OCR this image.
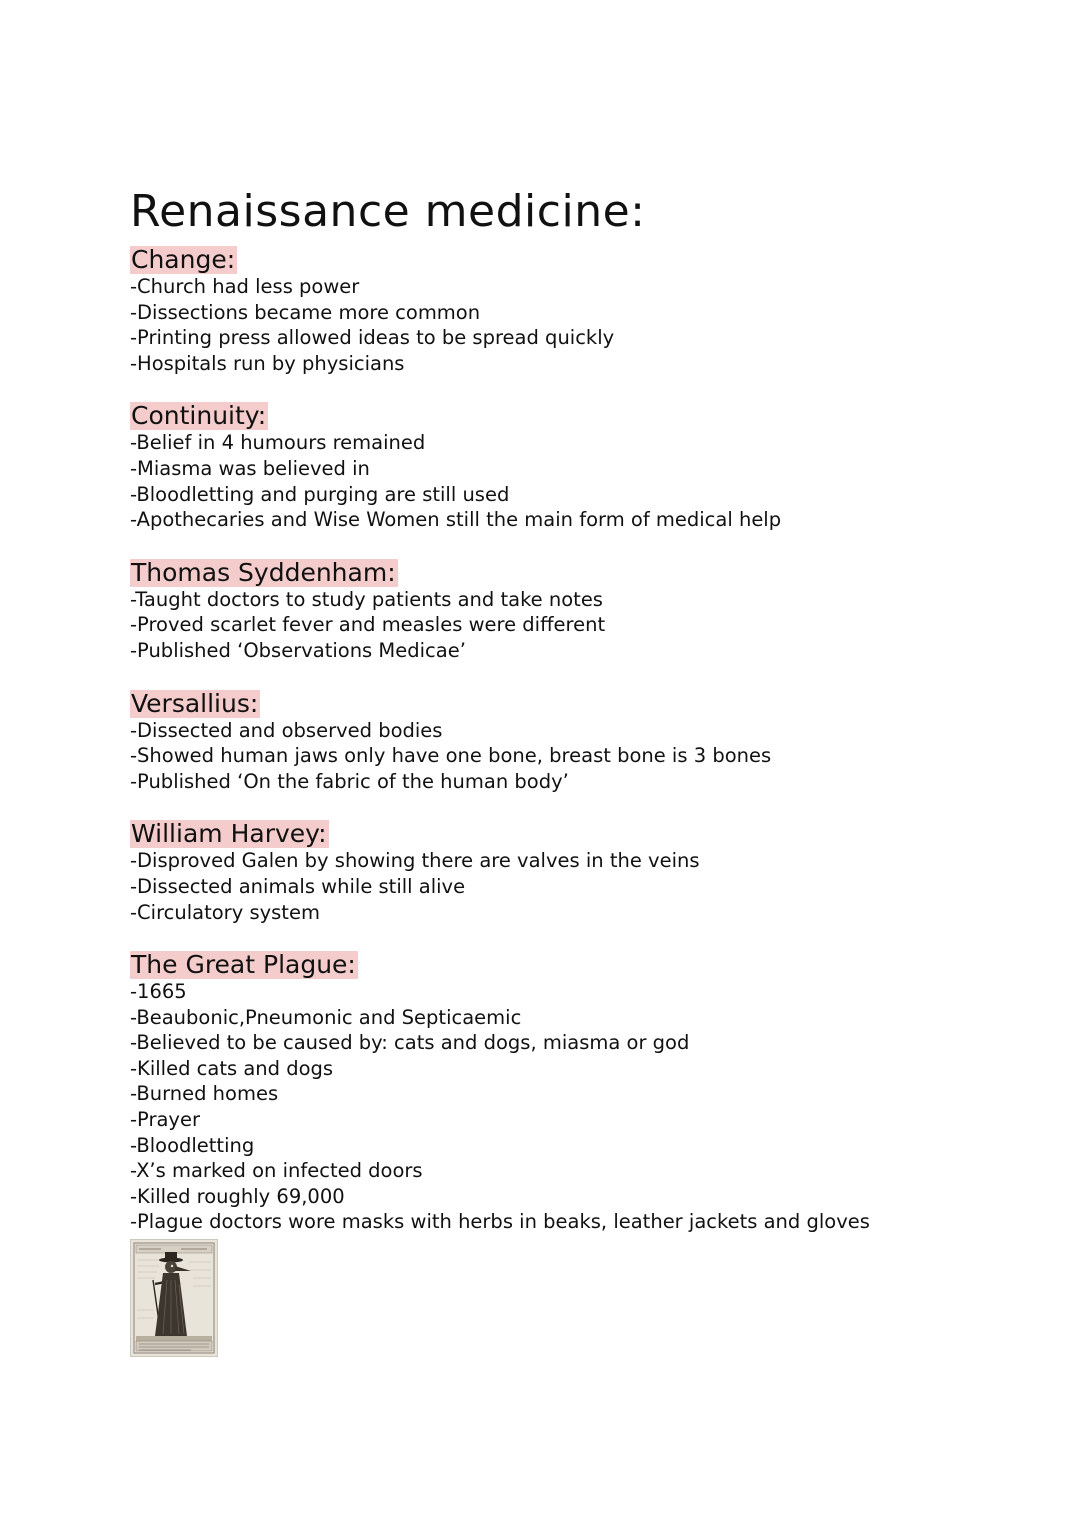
Renaissance medicine:
Change:
-Church had less power
-Dissections became more common
-Printing press allowed ideas to be spread quickly
-Hospitals run by physicians
Continuity:
-Belief in 4 humours remained
-Miasma was believed in
-Bloodletting and purging are still used
-Apothecaries and Wise Women still the main form of medical help
Thomas Syddenham:
-Taught doctors to study patients and take notes
-Proved scarlet fever and measles were different
-Published ‘Observations Medicae’
Versallius:
-Dissected and observed bodies
-Showed human jaws only have one bone, breast bone is 3 bones
-Published ‘On the fabric of the human body’
William Harvey:
-Disproved Galen by showing there are valves in the veins
-Dissected animals while still alive
-Circulatory system
The Great Plague:
-1665
-Beaubonic,Pneumonic and Septicaemic
-Believed to be caused by: cats and dogs, miasma or god
-Killed cats and dogs
-Burned homes
-Prayer
-Bloodletting
-X’s marked on infected doors
-Killed roughly 69,000
-Plague doctors wore masks with herbs in beaks, leather jackets and gloves
